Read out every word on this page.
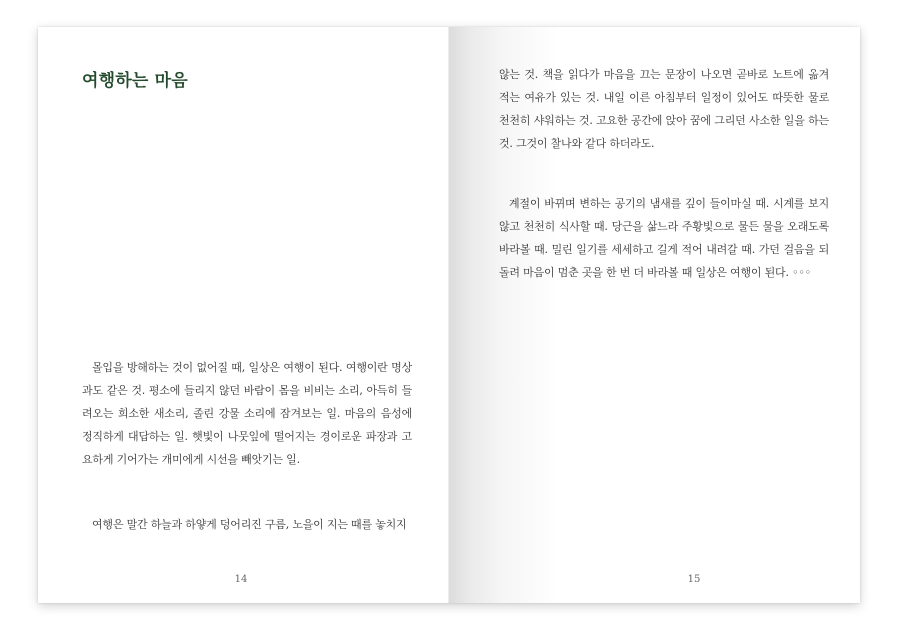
여행하는 마음

몰입을 방해하는 것이 없어질 때, 일상은 여행이 된다. 여행이란 명상과도 같은 것. 평소에 들리지 않던 바람이 몸을 비비는 소리, 아득히 들려오는 희소한 새소리, 졸린 강물 소리에 잠겨보는 일. 마음의 음성에 정직하게 대답하는 일. 햇빛이 나뭇잎에 떨어지는 경이로운 파장과 고요하게 기어가는 개미에게 시선을 빼앗기는 일.

여행은 말간 하늘과 하얗게 덩어리진 구름, 노을이 지는 때를 놓치지

14

않는 것. 책을 읽다가 마음을 끄는 문장이 나오면 곧바로 노트에 옮겨 적는 여유가 있는 것. 내일 이른 아침부터 일정이 있어도 따뜻한 물로 천천히 샤워하는 것. 고요한 공간에 앉아 꿈에 그리던 사소한 일을 하는 것. 그것이 찰나와 같다 하더라도.

계절이 바뀌며 변하는 공기의 냄새를 깊이 들이마실 때. 시계를 보지 않고 천천히 식사할 때. 당근을 삶느라 주황빛으로 물든 물을 오래도록 바라볼 때. 밀린 일기를 세세하고 길게 적어 내려갈 때. 가던 걸음을 되돌려 마음이 멈춘 곳을 한 번 더 바라볼 때 일상은 여행이 된다. ◦◦◦

15
